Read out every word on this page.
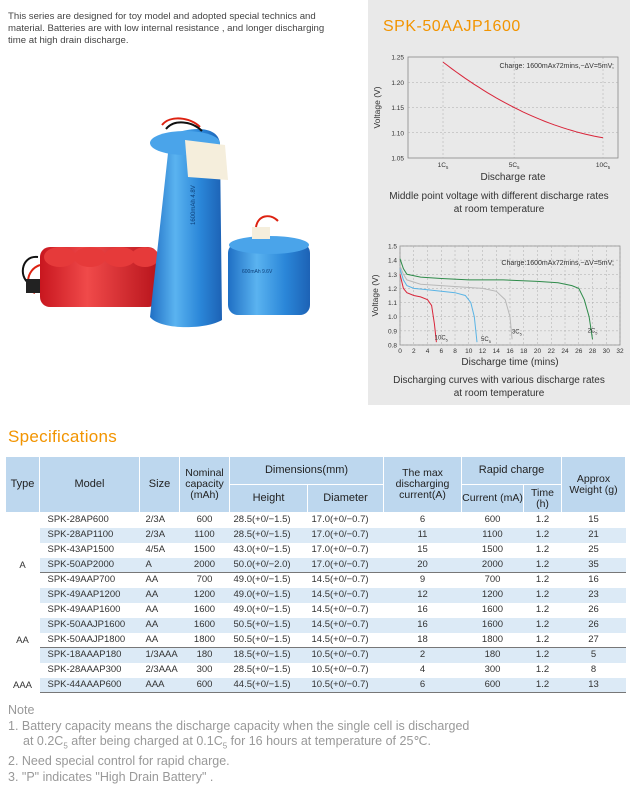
This series are designed for toy model and adopted special technics and material. Batteries are with low internal resistance , and longer discharging time at high drain discharge.
1600mAh 4.8V
600mAh 9.6V
SPK-50AAJP1600
1.25
1.20
1.15
1.10
1.05
$1C_5$	$5C_5$	$10C_5$
Discharge rate
Voltage (V)
Charge: 1600mAx72mins,−ΔV=5mV;
Middle point voltage with different discharge rates at room temperature
1.5
1.4
1.3
1.2
1.1
1.0
0.9
0.8
0 2 4 6 8 10 12 14 16 18 20 22 24 26 28 30 32
Discharge time (mins)
Voltage (V)
Charge:1600mAx72mins,−ΔV=5mV;
$10C_5$	$5C_5$
$3C_5$	$2C_5$
Discharging curves with various discharge rates at room temperature
Specifications
Type	Model	Size	Nominal capacity (mAh)	Dimensions(mm)		The max discharging current(A)	Rapid charge		Approx Weight (g)
				Height	Diameter		Current (mA)	Time (h)	
A	SPK-28AP600	2/3A	600	28.5(+0/−1.5)	17.0(+0/−0.7)	6	600	1.2	15
	SPK-28AP1100	2/3A	1100	28.5(+0/−1.5)	17.0(+0/−0.7)	11	1100	1.2	21
	SPK-43AP1500	4/5A	1500	43.0(+0/−1.5)	17.0(+0/−0.7)	15	1500	1.2	25
	SPK-50AP2000	A	2000	50.0(+0/−2.0)	17.0(+0/−0.7)	20	2000	1.2	35
AA	SPK-49AAP700	AA	700	49.0(+0/−1.5)	14.5(+0/−0.7)	9	700	1.2	16
	SPK-49AAP1200	AA	1200	49.0(+0/−1.5)	14.5(+0/−0.7)	12	1200	1.2	23
	SPK-49AAP1600	AA	1600	49.0(+0/−1.5)	14.5(+0/−0.7)	16	1600	1.2	26
	SPK-50AAJP1600	AA	1600	50.5(+0/−1.5)	14.5(+0/−0.7)	16	1600	1.2	26
	SPK-50AAJP1800	AA	1800	50.5(+0/−1.5)	14.5(+0/−0.7)	18	1800	1.2	27
AAA	SPK-18AAAP180	1/3AAA	180	18.5(+0/−1.5)	10.5(+0/−0.7)	2	180	1.2	5
	SPK-28AAAP300	2/3AAA	300	28.5(+0/−1.5)	10.5(+0/−0.7)	4	300	1.2	8
	SPK-44AAAP600	AAA	600	44.5(+0/−1.5)	10.5(+0/−0.7)	6	600	1.2	13
Note
1. Battery capacity means the discharge capacity when the single cell is discharged
at $0.2C_5$ after being charged at $0.1C_5$ for 16 hours at temperature of 25℃.
2. Need special control for rapid charge.
3. "P" indicates "High Drain Battery" .
